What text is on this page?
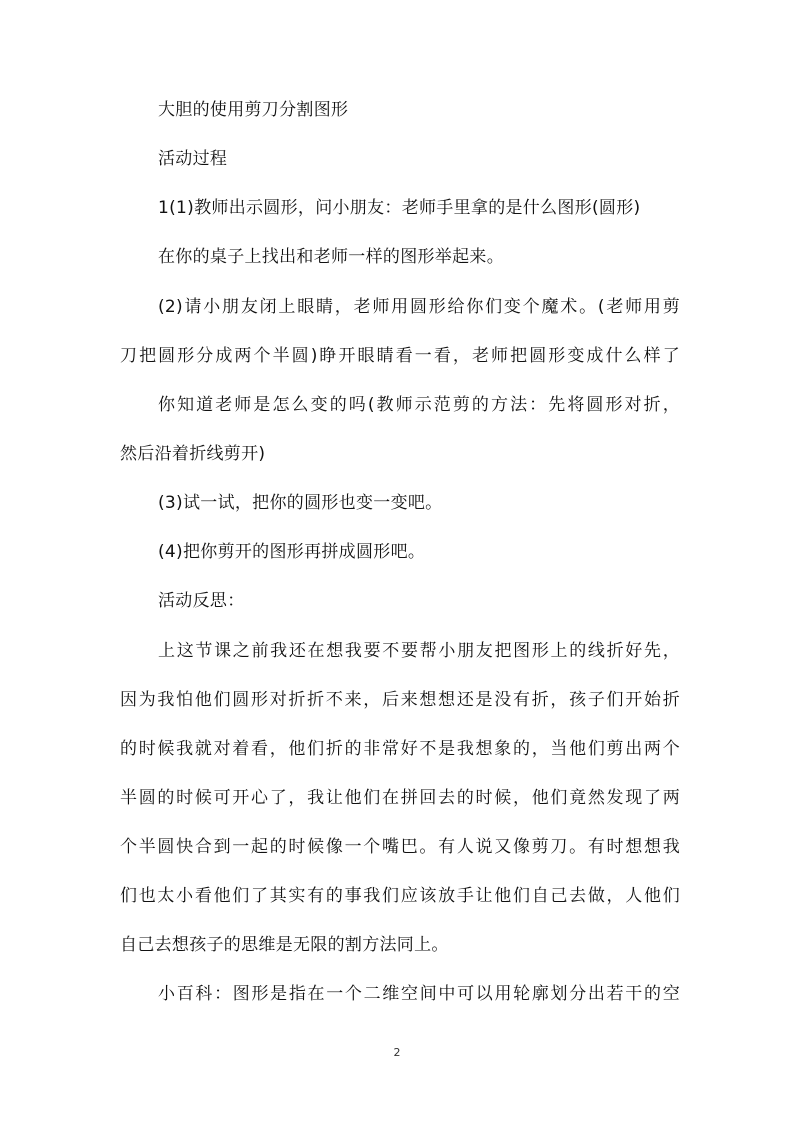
大胆的使用剪刀分割图形
活动过程
1(1)教师出示圆形，问小朋友：老师手里拿的是什么图形(圆形)
在你的桌子上找出和老师一样的图形举起来。
(2)请小朋友闭上眼睛，老师用圆形给你们变个魔术。(老师用剪
刀把圆形分成两个半圆)睁开眼睛看一看，老师把圆形变成什么样了
你知道老师是怎么变的吗(教师示范剪的方法：先将圆形对折，
然后沿着折线剪开)
(3)试一试，把你的圆形也变一变吧。
(4)把你剪开的图形再拼成圆形吧。
活动反思：
上这节课之前我还在想我要不要帮小朋友把图形上的线折好先，
因为我怕他们圆形对折折不来，后来想想还是没有折，孩子们开始折
的时候我就对着看，他们折的非常好不是我想象的，当他们剪出两个
半圆的时候可开心了，我让他们在拼回去的时候，他们竟然发现了两
个半圆快合到一起的时候像一个嘴巴。有人说又像剪刀。有时想想我
们也太小看他们了其实有的事我们应该放手让他们自己去做，人他们
自己去想孩子的思维是无限的割方法同上。
小百科：图形是指在一个二维空间中可以用轮廓划分出若干的空
2
